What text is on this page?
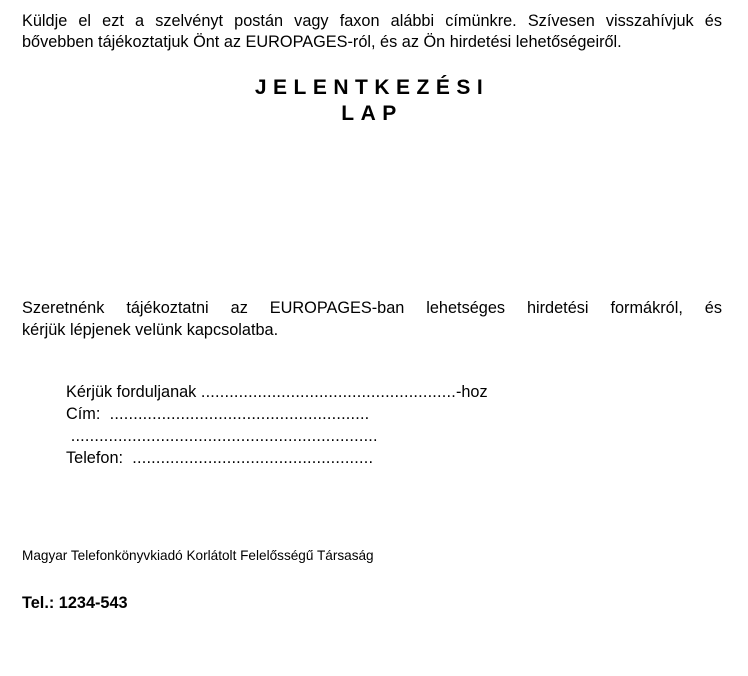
Küldje el ezt a szelvényt postán vagy faxon alábbi címünkre. Szívesen visszahívjuk és
bővebben tájékoztatjuk Önt az EUROPAGES-ról, és az Ön hirdetési lehetőségeiről.
JELENTKEZÉSI
LAP
Szeretnénk tájékoztatni az EUROPAGES-ban lehetséges hirdetési formákról, és
kérjük lépjenek velünk kapcsolatba.
Kérjük forduljanak ......................................................-hoz
Cím:  .......................................................
.................................................................
Telefon:  ...................................................
Magyar Telefonkönyvkiadó Korlátolt Felelősségű Társaság
Tel.: 1234-543
